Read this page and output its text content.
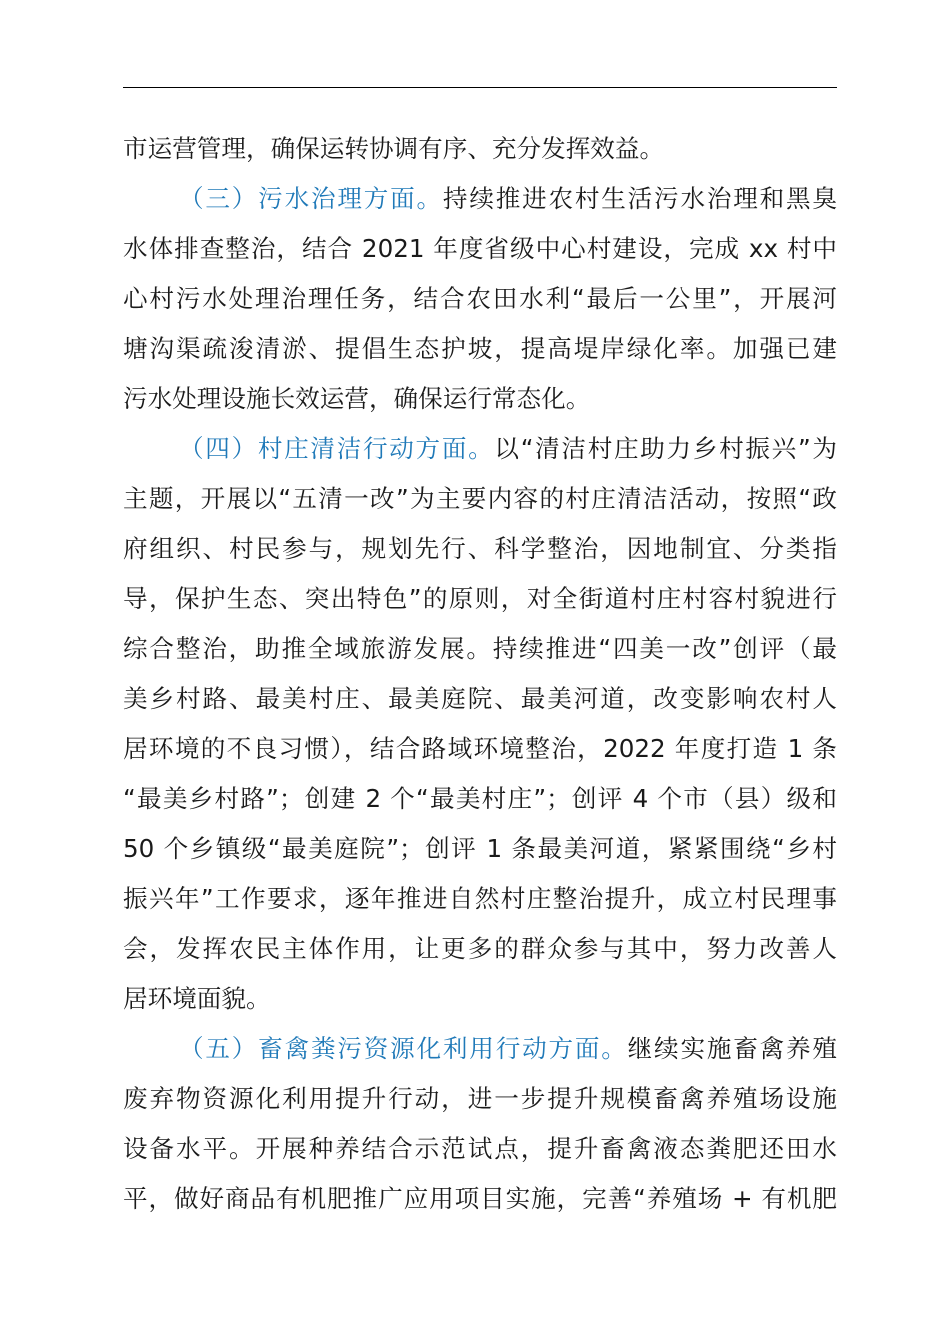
市运营管理，确保运转协调有序、充分发挥效益。
（三）污水治理方面。持续推进农村生活污水治理和黑臭
水体排查整治，结合 2021 年度省级中心村建设，完成 xx 村中
心村污水处理治理任务，结合农田水利“最后一公里”，开展河
塘沟渠疏浚清淤、提倡生态护坡，提高堤岸绿化率。加强已建
污水处理设施长效运营，确保运行常态化。
（四）村庄清洁行动方面。以“清洁村庄助力乡村振兴”为
主题，开展以“五清一改”为主要内容的村庄清洁活动，按照“政
府组织、村民参与，规划先行、科学整治，因地制宜、分类指
导，保护生态、突出特色”的原则，对全街道村庄村容村貌进行
综合整治，助推全域旅游发展。持续推进“四美一改”创评（最
美乡村路、最美村庄、最美庭院、最美河道，改变影响农村人
居环境的不良习惯），结合路域环境整治，2022 年度打造 1 条
“最美乡村路”；创建 2 个“最美村庄”；创评 4 个市（县）级和
50 个乡镇级“最美庭院”；创评 1 条最美河道，紧紧围绕“乡村
振兴年”工作要求，逐年推进自然村庄整治提升，成立村民理事
会，发挥农民主体作用，让更多的群众参与其中，努力改善人
居环境面貌。
（五）畜禽粪污资源化利用行动方面。继续实施畜禽养殖
废弃物资源化利用提升行动，进一步提升规模畜禽养殖场设施
设备水平。开展种养结合示范试点，提升畜禽液态粪肥还田水
平，做好商品有机肥推广应用项目实施，完善“养殖场 + 有机肥
